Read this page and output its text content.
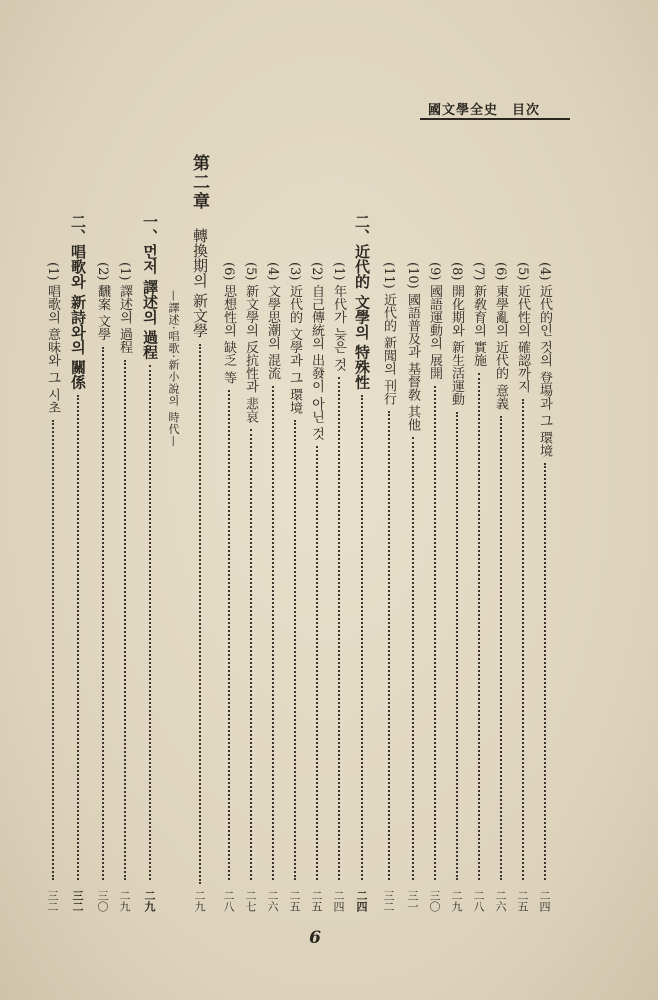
國文學全史 目次
(4) 近代的인 것의 登場과 그 環境
二四
(5) 近代性의 確認까지
二五
(6) 東學亂의 近代的 意義
二六
(7) 新敎育의 實施
二八
(8) 開化期와 新生活運動
二九
(9) 國語運動의 展開
三〇
(10) 國語普及과 基督敎 其他
三一
(11) 近代的 新聞의 刊行
三二
二、近代的 文學의 特殊性
二四
(1) 年代가 늦은 것
二四
(2) 自己傳統의 出發이 아닌 것
二五
(3) 近代的 文學과 그 環境
二五
(4) 文學思潮의 混流
二六
(5) 新文學의 反抗性과 悲哀
二七
(6) 思想性의 缺乏 等
二八
第二章
轉換期의 新文學
二九
—譯述·唱歌·新小說의 時代—
一、먼저 譯述의 過程
二九
(1) 譯述의 過程
二九
(2) 飜案 文學
三〇
二、唱歌와 新詩와의 關係
三二
(1) 唱歌의 意味와 그 시초
三二
6
